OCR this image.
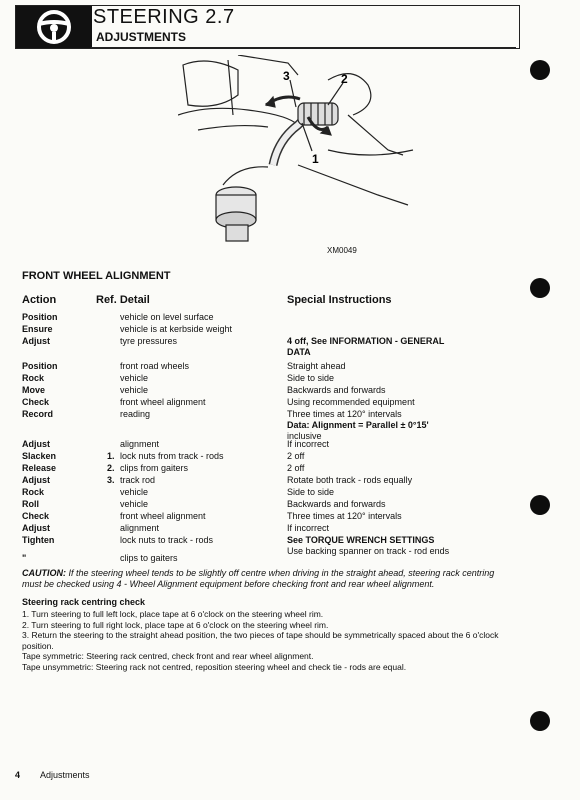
STEERING 2.7
ADJUSTMENTS
3	2
1
XM0049
FRONT WHEEL ALIGNMENT
Action	Ref. Detail	Special Instructions
Position	vehicle on level surface
Ensure	vehicle is at kerbside weight
Adjust	tyre pressures	4 off, See INFORMATION - GENERAL
DATA
Position	front road wheels	Straight ahead
Rock	vehicle	Side to side
Move	vehicle	Backwards and forwards
Check	front wheel alignment	Using recommended equipment
Record	reading	Three times at 120° intervals
Data: Alignment = Parallel ± 0°15'
inclusive
Adjust	alignment	If incorrect
Slacken	1. lock nuts from track - rods	2 off
Release	2. clips from gaiters	2 off
Adjust	3. track rod	Rotate both track - rods equally
Rock	vehicle	Side to side
Roll	vehicle	Backwards and forwards
Check	front wheel alignment	Three times at 120° intervals
Adjust	alignment	If incorrect
Tighten	lock nuts to track - rods	See TORQUE WRENCH SETTINGS
Use backing spanner on track - rod ends
"	clips to gaiters
CAUTION: If the steering wheel tends to be slightly off centre when driving in the straight ahead, steering rack centring must be checked using 4 - Wheel Alignment equipment before checking front and rear wheel alignment.
Steering rack centring check
1. Turn steering to full left lock, place tape at 6 o'clock on the steering wheel rim.
2. Turn steering to full right lock, place tape at 6 o'clock on the steering wheel rim.
3. Return the steering to the straight ahead position, the two pieces of tape should be symmetrically spaced about the 6 o'clock position.
Tape symmetric: Steering rack centred, check front and rear wheel alignment.
Tape unsymmetric: Steering rack not centred, reposition steering wheel and check tie - rods are equal.
4 Adjustments
